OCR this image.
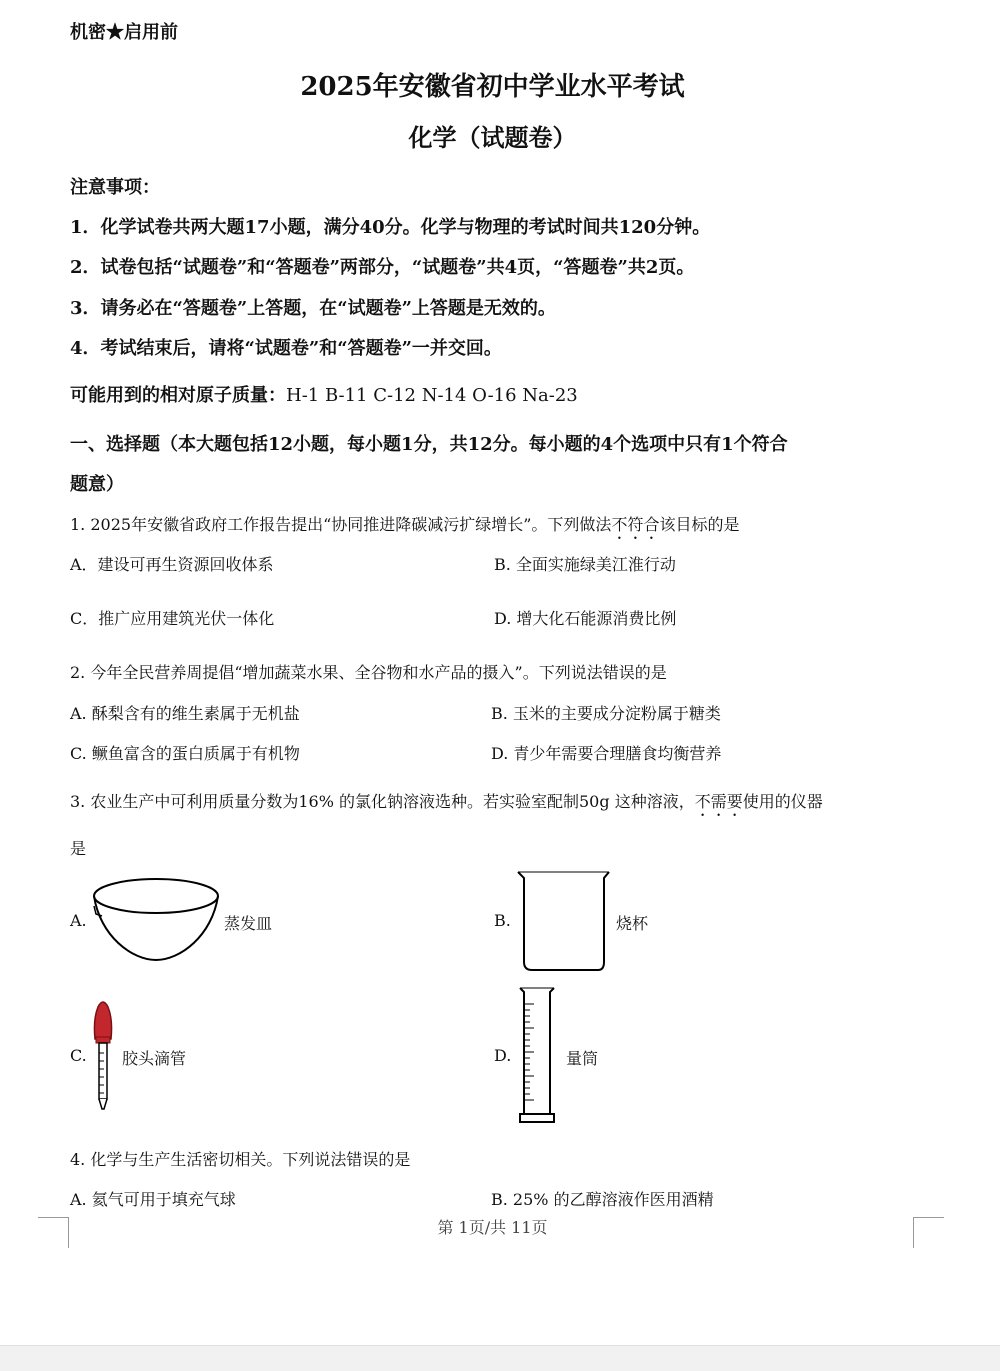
机密★启用前
2025年安徽省初中学业水平考试
化学（试题卷）
注意事项：
1．化学试卷共两大题17小题，满分40分。化学与物理的考试时间共120分钟。
2．试卷包括“试题卷”和“答题卷”两部分，“试题卷”共4页，“答题卷”共2页。
3．请务必在“答题卷”上答题，在“试题卷”上答题是无效的。
4．考试结束后，请将“试题卷”和“答题卷”一并交回。
可能用到的相对原子质量：H-1 B-11 C-12 N-14 O-16 Na-23
一、选择题（本大题包括12小题，每小题1分，共12分。每小题的4个选项中只有1个符合
题意）
1. 2025年安徽省政府工作报告提出“协同推进降碳减污扩绿增长”。下列做法不符合该目标的是
A．建设可再生资源回收体系	B. 全面实施绿美江淮行动
C．推广应用建筑光伏一体化	D. 增大化石能源消费比例
2. 今年全民营养周提倡“增加蔬菜水果、全谷物和水产品的摄入”。下列说法错误的是
A. 酥梨含有的维生素属于无机盐	B. 玉米的主要成分淀粉属于糖类
C. 鳜鱼富含的蛋白质属于有机物	D. 青少年需要合理膳食均衡营养
3. 农业生产中可利用质量分数为16% 的氯化钠溶液选种。若实验室配制50g 这种溶液，不需要使用的仪器
是
A.	蒸发皿	B.	烧杯
C. 胶头滴管	D.	量筒
4. 化学与生产生活密切相关。下列说法错误的是
A. 氦气可用于填充气球	B. 25% 的乙醇溶液作医用酒精
第 1页/共 11页
